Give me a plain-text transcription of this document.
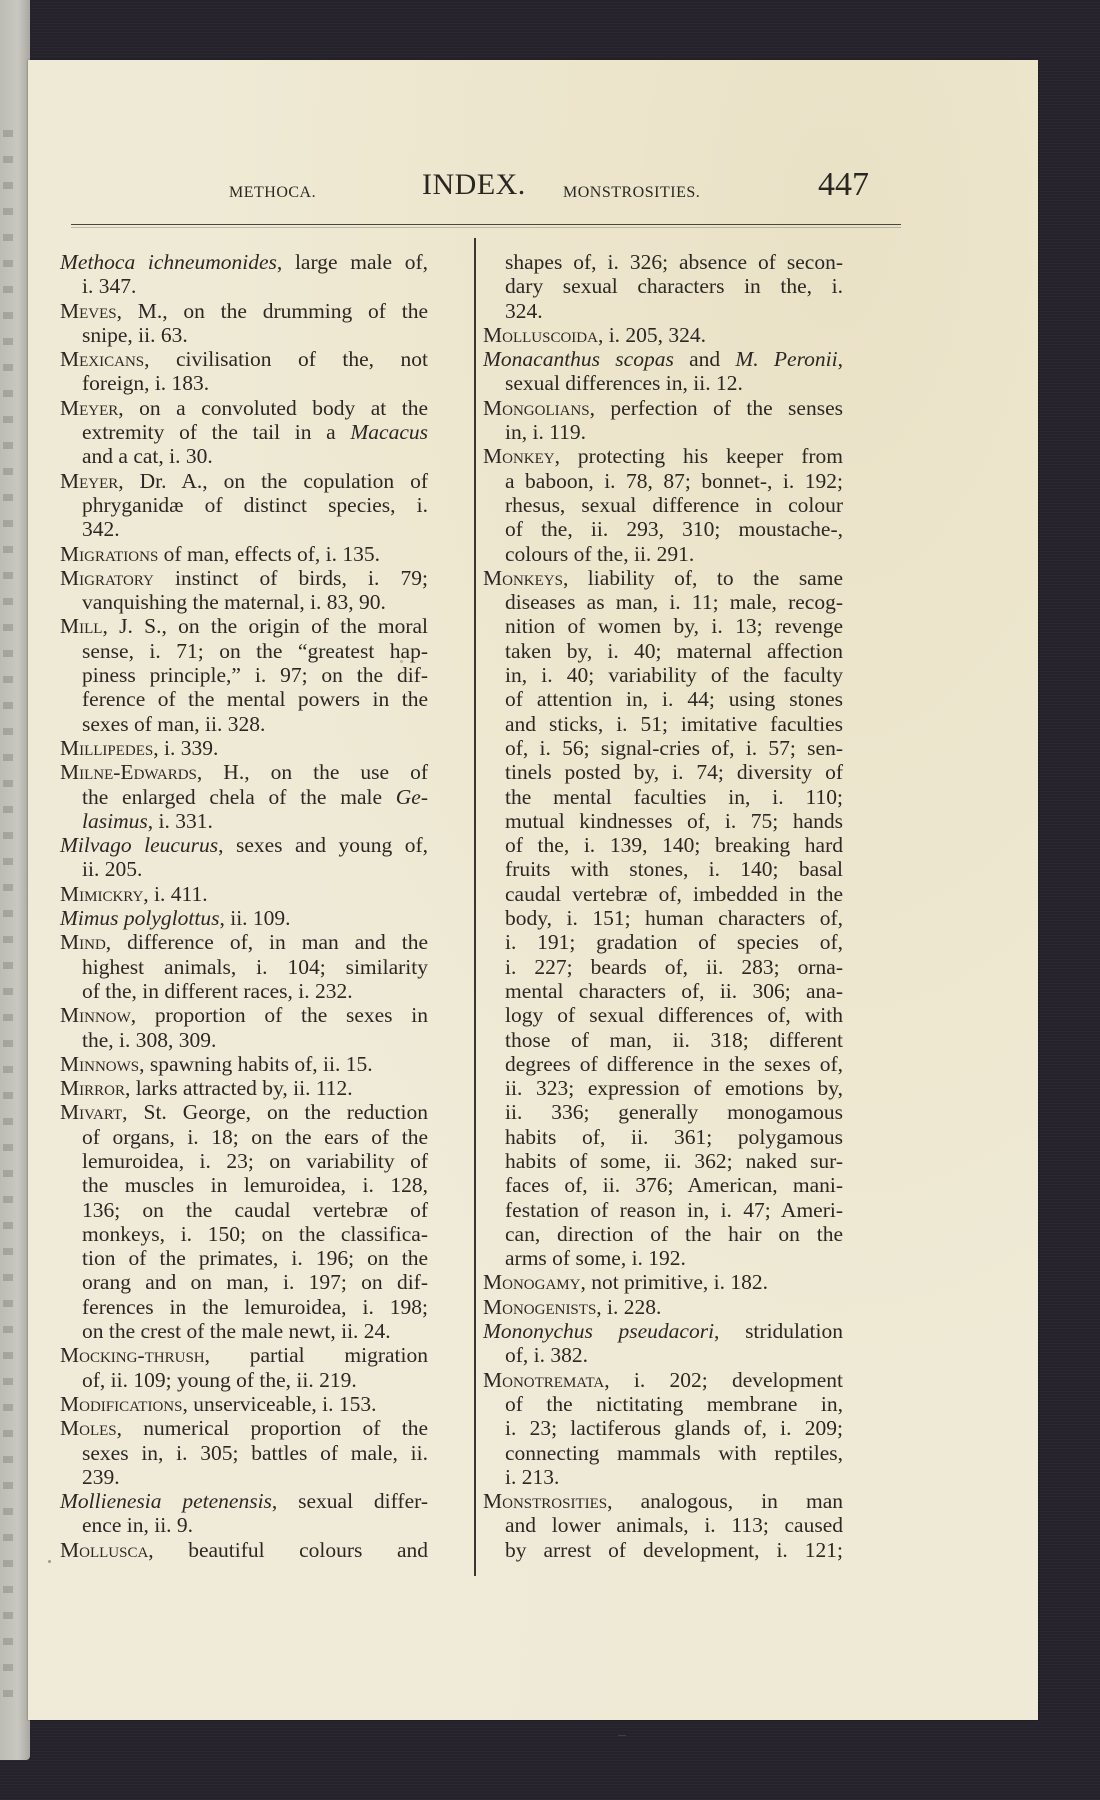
METHOCA.	INDEX. MONSTROSITIES.	447
Methoca ichneumonides, large male of,
i. 347.
Meves, M., on the drumming of the
snipe, ii. 63.
Mexicans, civilisation of the, not
foreign, i. 183.
Meyer, on a convoluted body at the
extremity of the tail in a Macacus
and a cat, i. 30.
Meyer, Dr. A., on the copulation of
phryganidæ of distinct species, i.
342.
Migrations of man, effects of, i. 135.
Migratory instinct of birds, i. 79;
vanquishing the maternal, i. 83, 90.
Mill, J. S., on the origin of the moral
sense, i. 71; on the “greatest hap-
piness principle,” i. 97; on the dif-
ference of the mental powers in the
sexes of man, ii. 328.
Millipedes, i. 339.
Milne-Edwards, H., on the use of
the enlarged chela of the male Ge-
lasimus, i. 331.
Milvago leucurus, sexes and young of,
ii. 205.
Mimickry, i. 411.
Mimus polyglottus, ii. 109.
Mind, difference of, in man and the
highest animals, i. 104; similarity
of the, in different races, i. 232.
Minnow, proportion of the sexes in
the, i. 308, 309.
Minnows, spawning habits of, ii. 15.
Mirror, larks attracted by, ii. 112.
Mivart, St. George, on the reduction
of organs, i. 18; on the ears of the
lemuroidea, i. 23; on variability of
the muscles in lemuroidea, i. 128,
136; on the caudal vertebræ of
monkeys, i. 150; on the classifica-
tion of the primates, i. 196; on the
orang and on man, i. 197; on dif-
ferences in the lemuroidea, i. 198;
on the crest of the male newt, ii. 24.
Mocking-thrush, partial migration
of, ii. 109; young of the, ii. 219.
Modifications, unserviceable, i. 153.
Moles, numerical proportion of the
sexes in, i. 305; battles of male, ii.
239.
Mollienesia petenensis, sexual differ-
ence in, ii. 9.
Mollusca, beautiful colours and
shapes of, i. 326; absence of secon-
dary sexual characters in the, i.
324.
Molluscoida, i. 205, 324.
Monacanthus scopas and M. Peronii,
sexual differences in, ii. 12.
Mongolians, perfection of the senses
in, i. 119.
Monkey, protecting his keeper from
a baboon, i. 78, 87; bonnet-, i. 192;
rhesus, sexual difference in colour
of the, ii. 293, 310; moustache-,
colours of the, ii. 291.
Monkeys, liability of, to the same
diseases as man, i. 11; male, recog-
nition of women by, i. 13; revenge
taken by, i. 40; maternal affection
in, i. 40; variability of the faculty
of attention in, i. 44; using stones
and sticks, i. 51; imitative faculties
of, i. 56; signal-cries of, i. 57; sen-
tinels posted by, i. 74; diversity of
the mental faculties in, i. 110;
mutual kindnesses of, i. 75; hands
of the, i. 139, 140; breaking hard
fruits with stones, i. 140; basal
caudal vertebræ of, imbedded in the
body, i. 151; human characters of,
i. 191; gradation of species of,
i. 227; beards of, ii. 283; orna-
mental characters of, ii. 306; ana-
logy of sexual differences of, with
those of man, ii. 318; different
degrees of difference in the sexes of,
ii. 323; expression of emotions by,
ii. 336; generally monogamous
habits of, ii. 361; polygamous
habits of some, ii. 362; naked sur-
faces of, ii. 376; American, mani-
festation of reason in, i. 47; Ameri-
can, direction of the hair on the
arms of some, i. 192.
Monogamy, not primitive, i. 182.
Monogenists, i. 228.
Mononychus pseudacori, stridulation
of, i. 382.
Monotremata, i. 202; development
of the nictitating membrane in,
i. 23; lactiferous glands of, i. 209;
connecting mammals with reptiles,
i. 213.
Monstrosities, analogous, in man
and lower animals, i. 113; caused
by arrest of development, i. 121;
